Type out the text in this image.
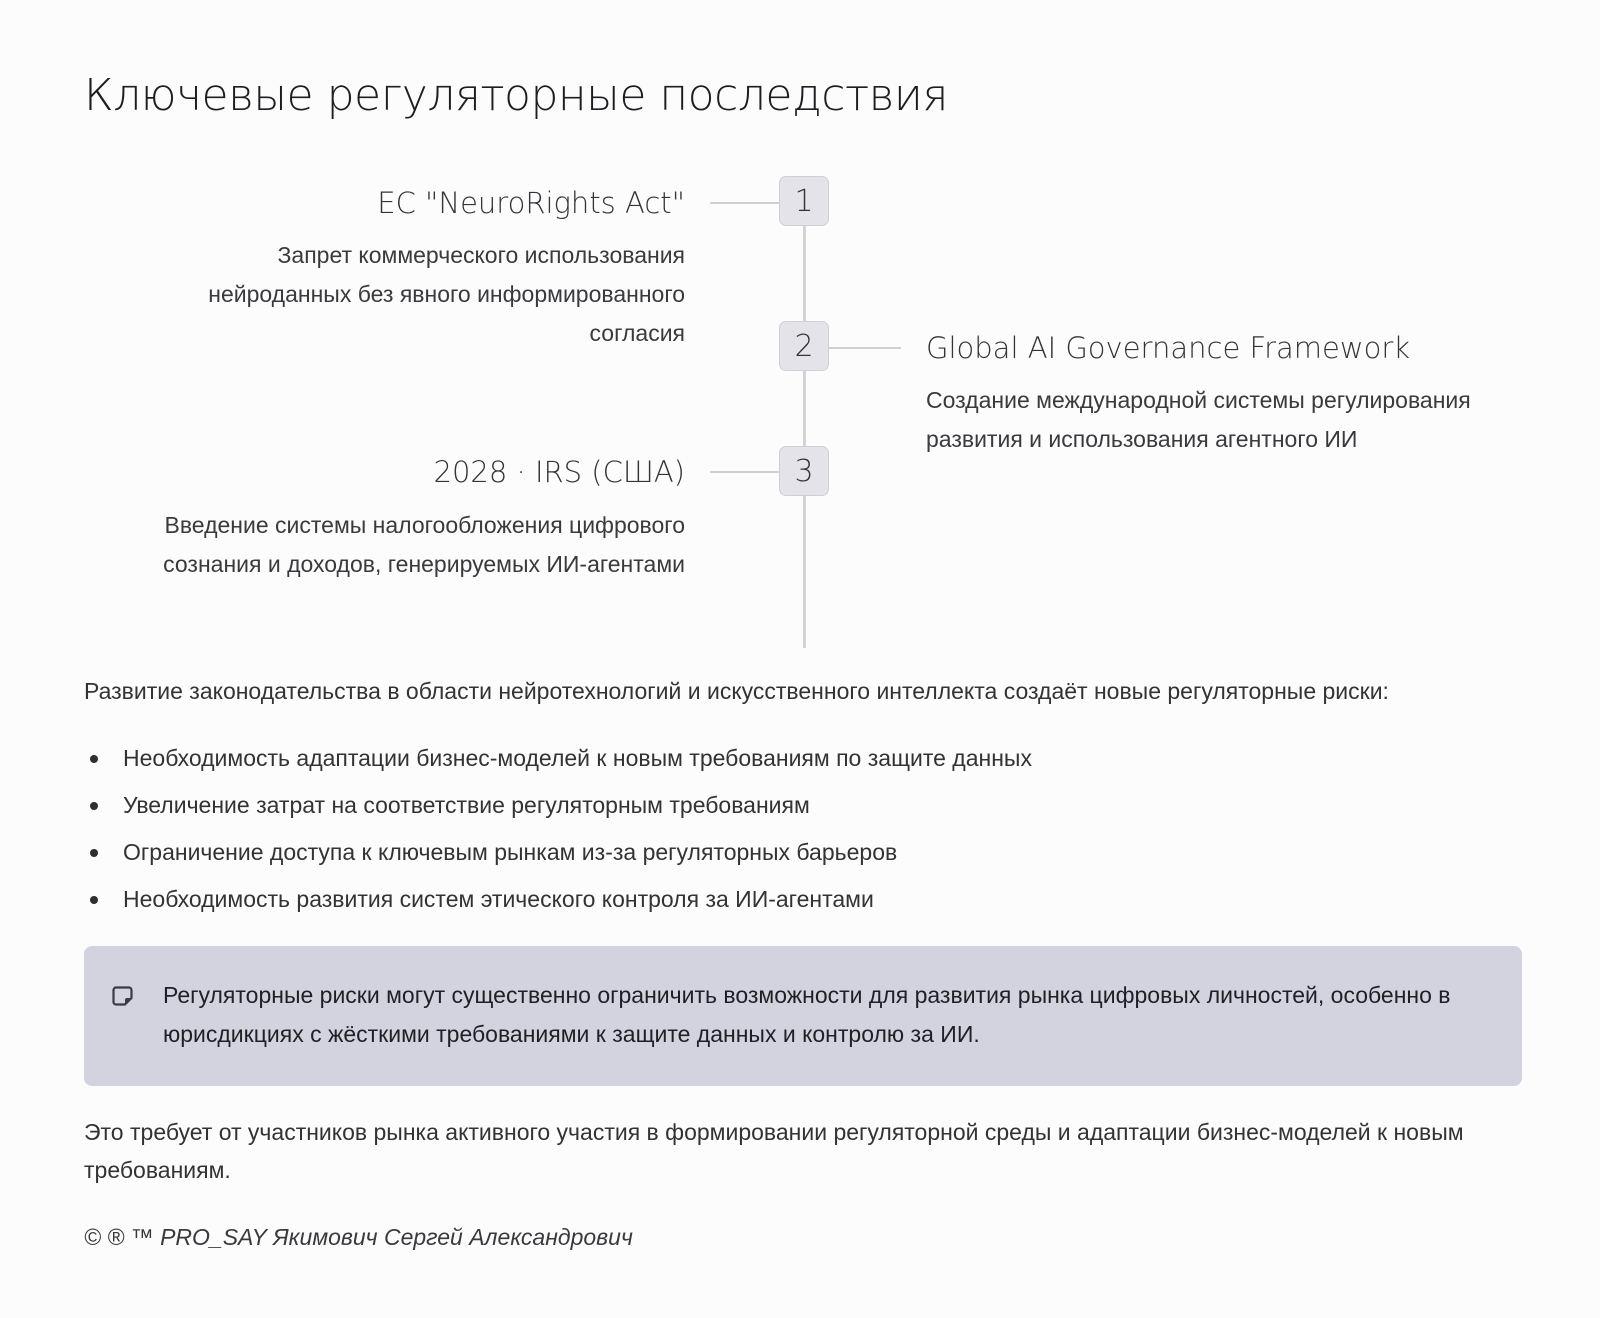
Ключевые регуляторные последствия
1
EC "NeuroRights Act"
Запрет коммерческого использования нейроданных без явного информированного согласия	2	Global AI Governance Framework
Создание международной системы регулирования развития и использования агентного ИИ
3
2028 · IRS (США)
Введение системы налогообложения цифрового сознания и доходов, генерируемых ИИ-агентами

Развитие законодательства в области нейротехнологий и искусственного интеллекта создаёт новые регуляторные риски:

Необходимость адаптации бизнес-моделей к новым требованиям по защите данных
Увеличение затрат на соответствие регуляторным требованиям
Ограничение доступа к ключевым рынкам из-за регуляторных барьеров
Необходимость развития систем этического контроля за ИИ-агентами
Регуляторные риски могут существенно ограничить возможности для развития рынка цифровых личностей, особенно в юрисдикциях с жёсткими требованиями к защите данных и контролю за ИИ.

Это требует от участников рынка активного участия в формировании регуляторной среды и адаптации бизнес-моделей к новым требованиям.

© ® ™ PRO_SAY Якимович Сергей Александрович
